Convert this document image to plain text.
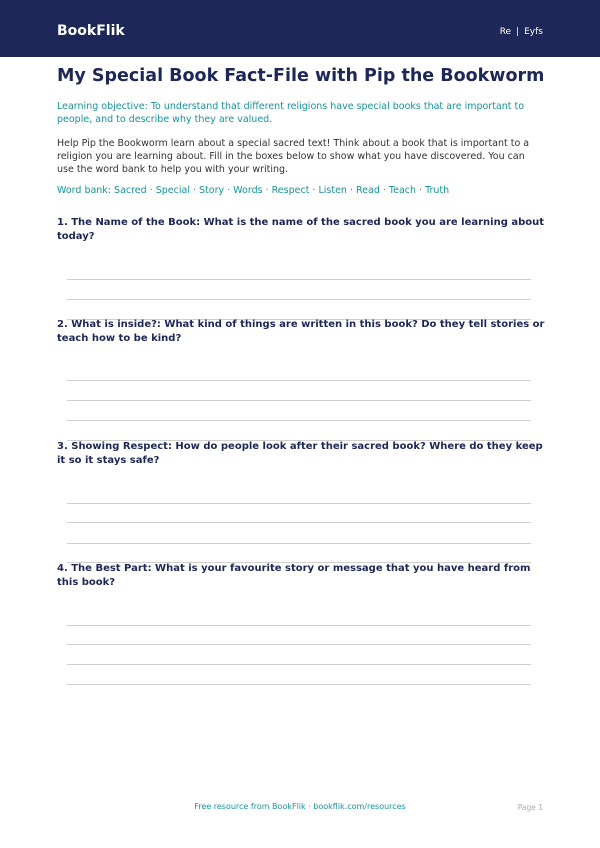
BookFlik	Re | Eyfs
My Special Book Fact-File with Pip the Bookworm

Learning objective: To understand that different religions have special books that are important to people, and to describe why they are valued.

Help Pip the Bookworm learn about a special sacred text! Think about a book that is important to a religion you are learning about. Fill in the boxes below to show what you have discovered. You can use the word bank to help you with your writing.

Word bank: Sacred · Special · Story · Words · Respect · Listen · Read · Teach · Truth

1. The Name of the Book: What is the name of the sacred book you are learning about today?

2. What is inside?: What kind of things are written in this book? Do they tell stories or teach how to be kind?

3. Showing Respect: How do people look after their sacred book? Where do they keep it so it stays safe?

4. The Best Part: What is your favourite story or message that you have heard from this book?

Free resource from BookFlik · bookflik.com/resources	Page 1
